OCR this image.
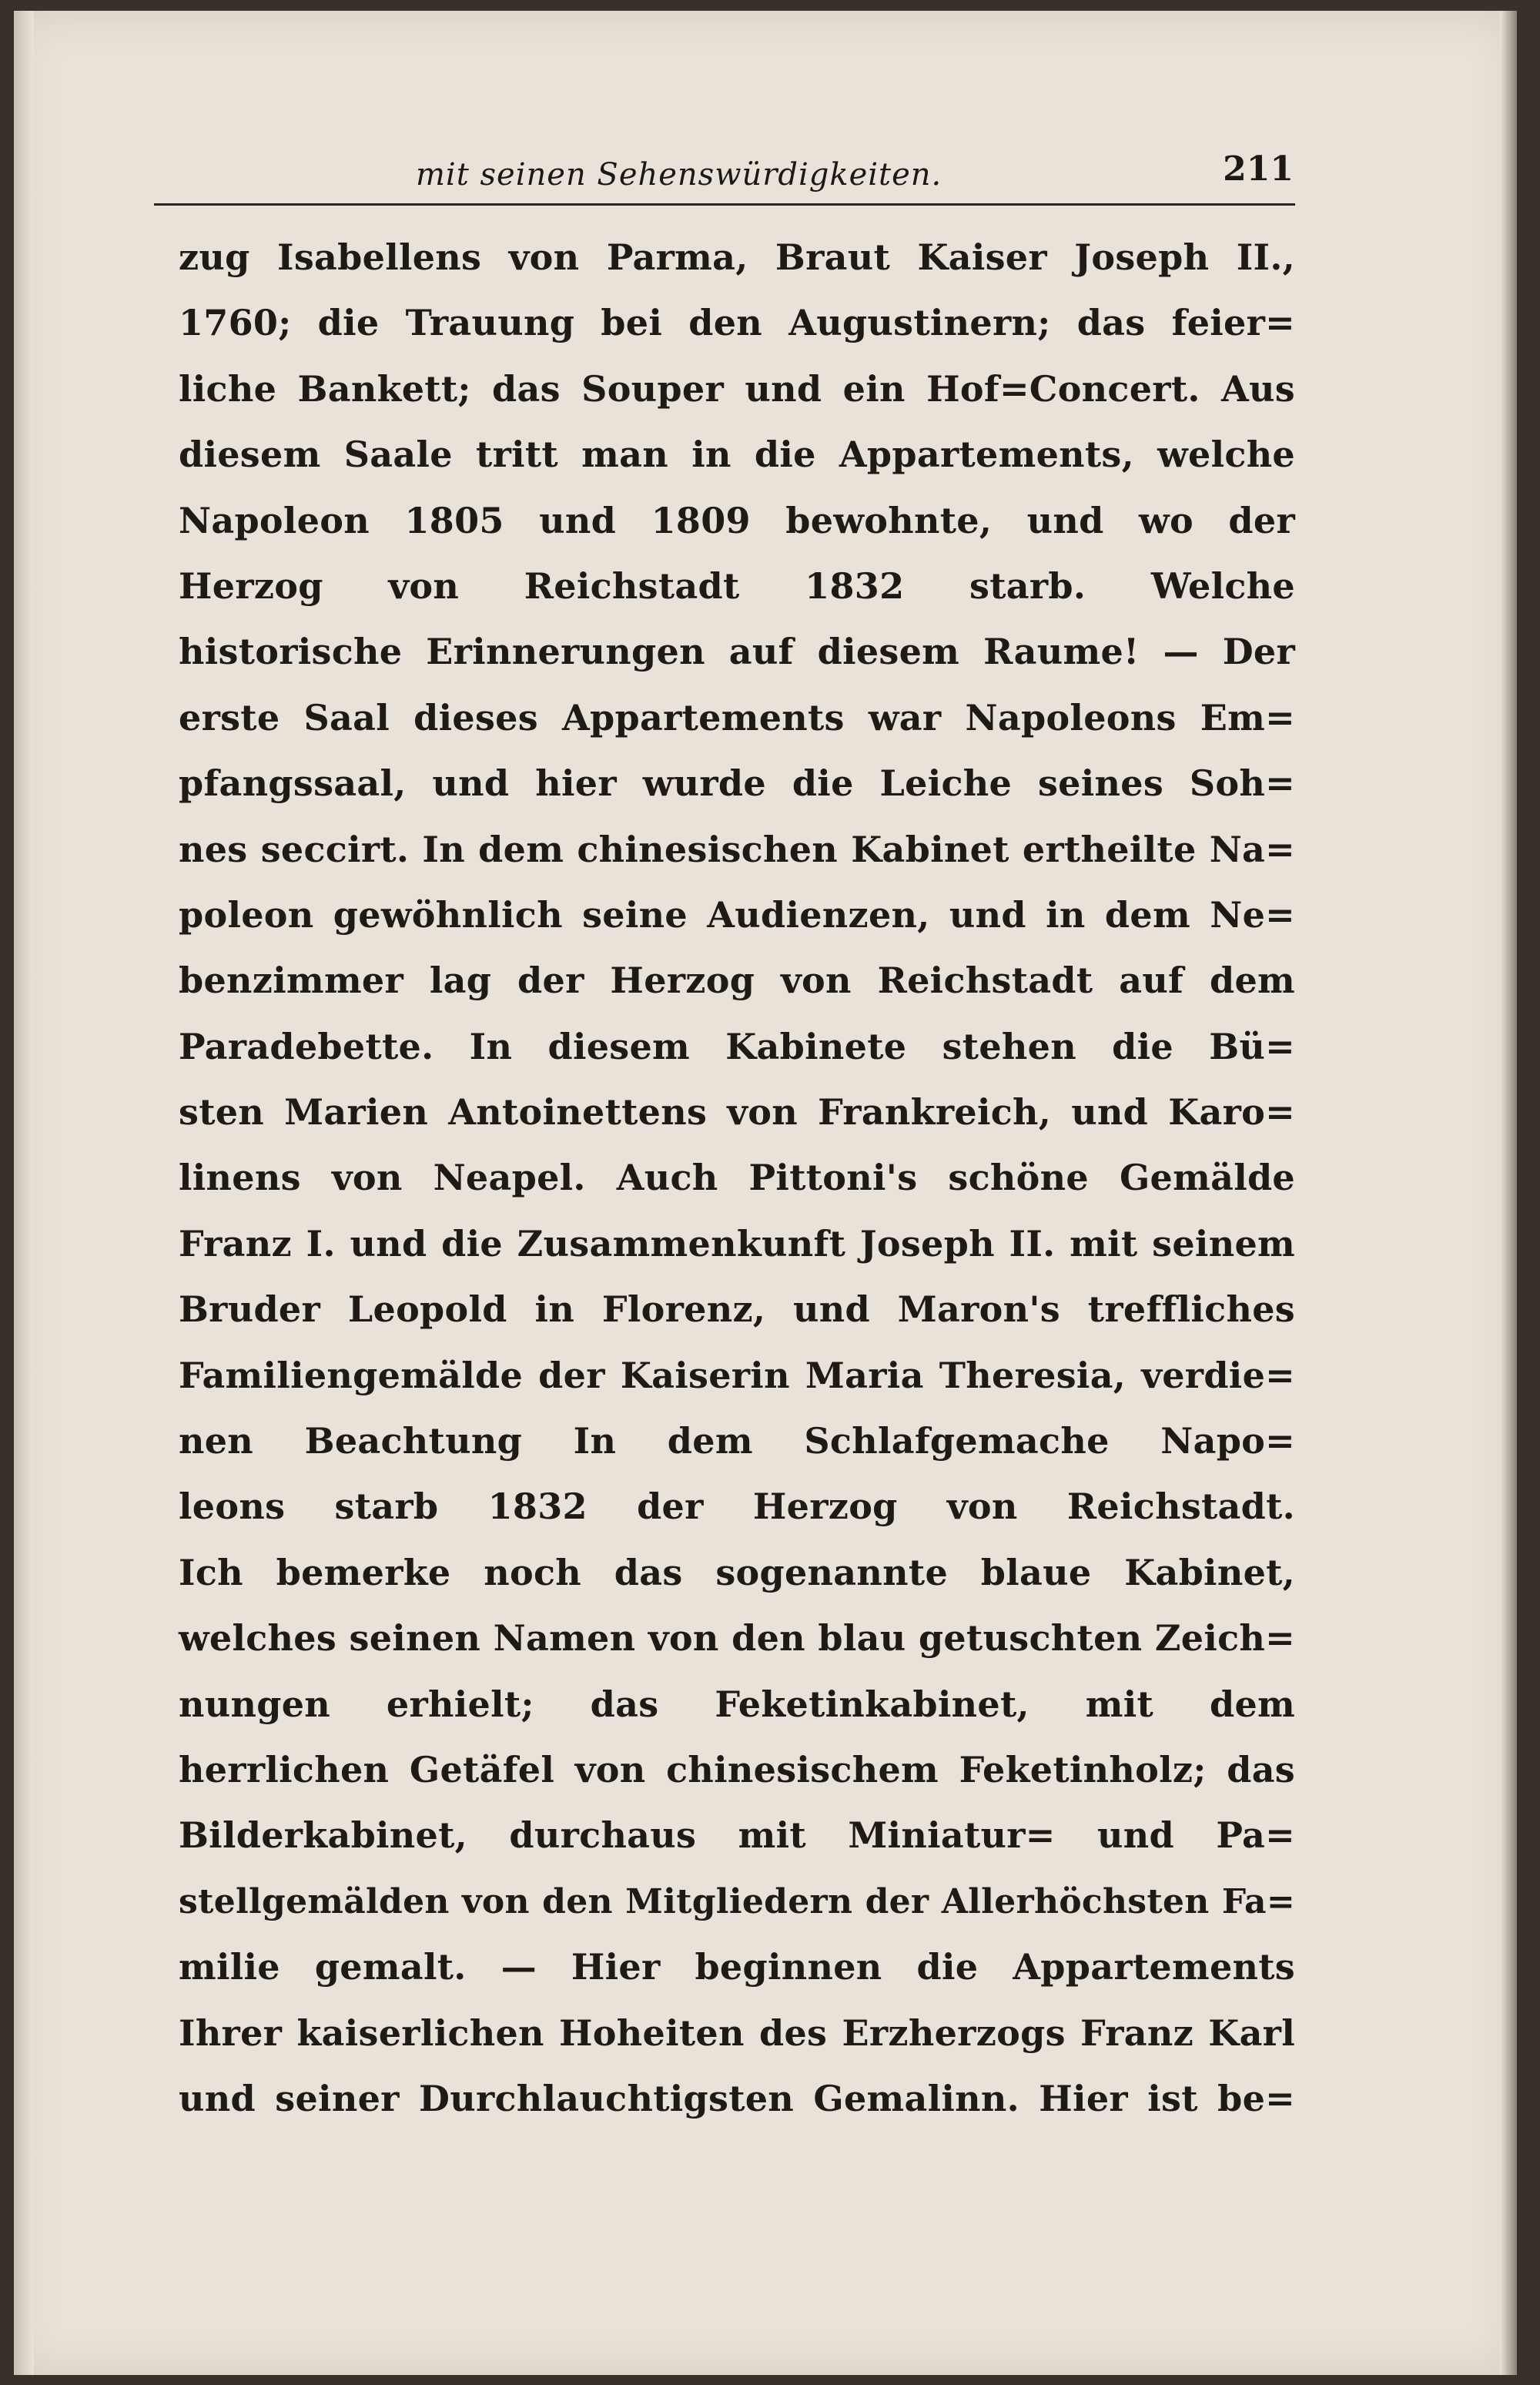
mit seinen Sehenswürdigkeiten.	211
zug Isabellens von Parma, Braut Kaiser Joseph II.,
1760; die Trauung bei den Augustinern; das feier=
liche Bankett; das Souper und ein Hof=Concert. Aus
diesem Saale tritt man in die Appartements, welche
Napoleon 1805 und 1809 bewohnte, und wo der
Herzog von Reichstadt 1832 starb. Welche
historische Erinnerungen auf diesem Raume! — Der
erste Saal dieses Appartements war Napoleons Em=
pfangssaal, und hier wurde die Leiche seines Soh=
nes seccirt. In dem chinesischen Kabinet ertheilte Na=
poleon gewöhnlich seine Audienzen, und in dem Ne=
benzimmer lag der Herzog von Reichstadt auf dem
Paradebette. In diesem Kabinete stehen die Bü=
sten Marien Antoinettens von Frankreich, und Karo=
linens von Neapel. Auch Pittoni's schöne Gemälde
Franz I. und die Zusammenkunft Joseph II. mit seinem
Bruder Leopold in Florenz, und Maron's treffliches
Familiengemälde der Kaiserin Maria Theresia, verdie=
nen Beachtung In dem Schlafgemache Napo=
leons starb 1832 der Herzog von Reichstadt.
Ich bemerke noch das sogenannte blaue Kabinet,
welches seinen Namen von den blau getuschten Zeich=
nungen erhielt; das Feketinkabinet, mit dem
herrlichen Getäfel von chinesischem Feketinholz; das
Bilderkabinet, durchaus mit Miniatur= und Pa=
stellgemälden von den Mitgliedern der Allerhöchsten Fa=
milie gemalt. — Hier beginnen die Appartements
Ihrer kaiserlichen Hoheiten des Erzherzogs Franz Karl
und seiner Durchlauchtigsten Gemalinn. Hier ist be=
